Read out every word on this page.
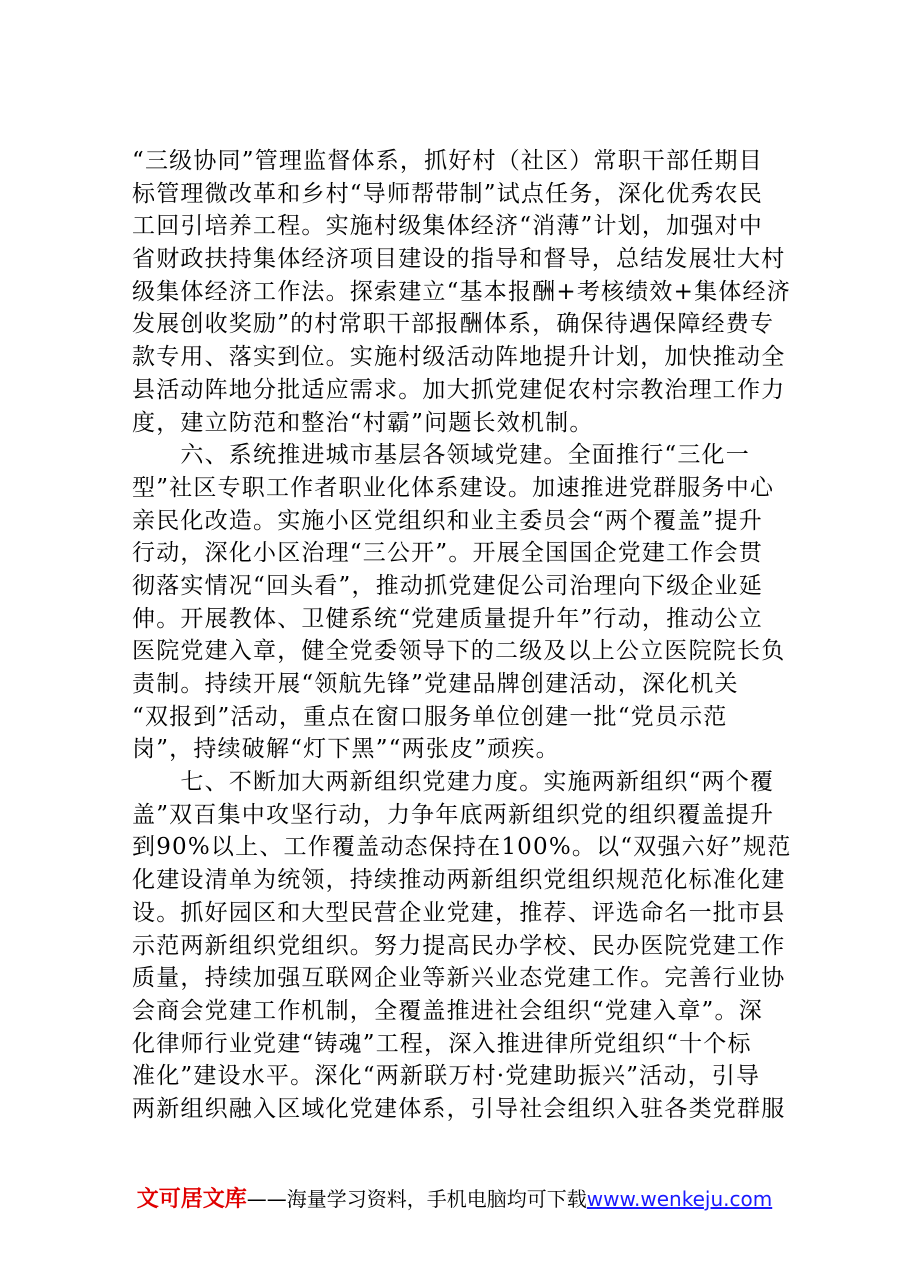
“三级协同”管理监督体系，抓好村（社区）常职干部任期目
标管理微改革和乡村“导师帮带制”试点任务，深化优秀农民
工回引培养工程。实施村级集体经济“消薄”计划，加强对中
省财政扶持集体经济项目建设的指导和督导，总结发展壮大村
级集体经济工作法。探索建立“基本报酬+考核绩效+集体经济
发展创收奖励”的村常职干部报酬体系，确保待遇保障经费专
款专用、落实到位。实施村级活动阵地提升计划，加快推动全
县活动阵地分批适应需求。加大抓党建促农村宗教治理工作力
度，建立防范和整治“村霸”问题长效机制。
　　六、系统推进城市基层各领域党建。全面推行“三化一
型”社区专职工作者职业化体系建设。加速推进党群服务中心
亲民化改造。实施小区党组织和业主委员会“两个覆盖”提升
行动，深化小区治理“三公开”。开展全国国企党建工作会贯
彻落实情况“回头看”，推动抓党建促公司治理向下级企业延
伸。开展教体、卫健系统“党建质量提升年”行动，推动公立
医院党建入章，健全党委领导下的二级及以上公立医院院长负
责制。持续开展“领航先锋”党建品牌创建活动，深化机关
“双报到”活动，重点在窗口服务单位创建一批“党员示范
岗”，持续破解“灯下黑”“两张皮”顽疾。
　　七、不断加大两新组织党建力度。实施两新组织“两个覆
盖”双百集中攻坚行动，力争年底两新组织党的组织覆盖提升
到90%以上、工作覆盖动态保持在100%。以“双强六好”规范
化建设清单为统领，持续推动两新组织党组织规范化标准化建
设。抓好园区和大型民营企业党建，推荐、评选命名一批市县
示范两新组织党组织。努力提高民办学校、民办医院党建工作
质量，持续加强互联网企业等新兴业态党建工作。完善行业协
会商会党建工作机制，全覆盖推进社会组织“党建入章”。深
化律师行业党建“铸魂”工程，深入推进律所党组织“十个标
准化”建设水平。深化“两新联万村·党建助振兴”活动，引导
两新组织融入区域化党建体系，引导社会组织入驻各类党群服
文可居文库——海量学习资料，手机电脑均可下载www.wenkeju.com
